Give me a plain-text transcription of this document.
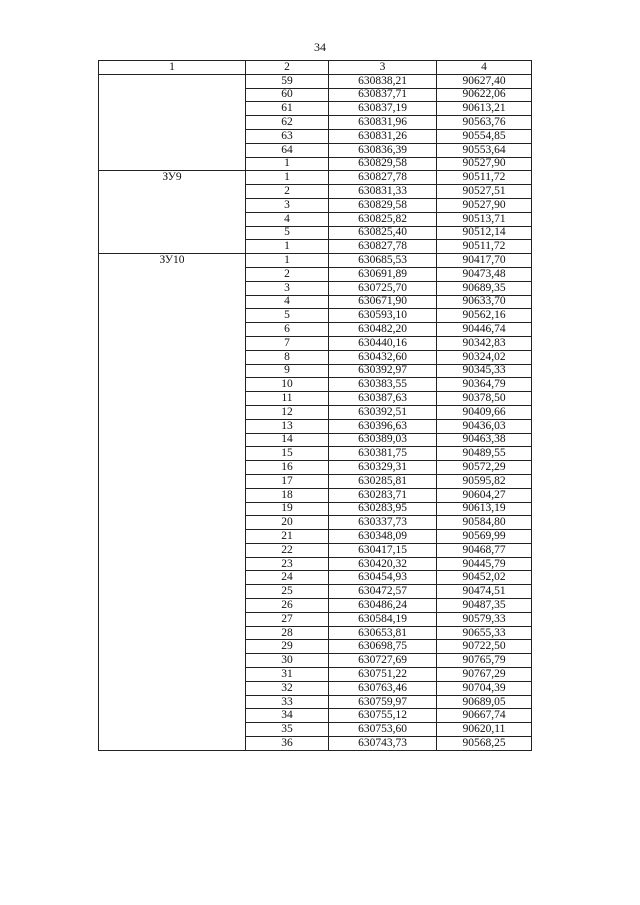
34
1	2	3	4
	59	630838,21	90627,40
	60	630837,71	90622,06
	61	630837,19	90613,21
	62	630831,96	90563,76
	63	630831,26	90554,85
	64	630836,39	90553,64
	1	630829,58	90527,90
ЗУ9	1	630827,78	90511,72
	2	630831,33	90527,51
	3	630829,58	90527,90
	4	630825,82	90513,71
	5	630825,40	90512,14
	1	630827,78	90511,72
ЗУ10	1	630685,53	90417,70
	2	630691,89	90473,48
	3	630725,70	90689,35
	4	630671,90	90633,70
	5	630593,10	90562,16
	6	630482,20	90446,74
	7	630440,16	90342,83
	8	630432,60	90324,02
	9	630392,97	90345,33
	10	630383,55	90364,79
	11	630387,63	90378,50
	12	630392,51	90409,66
	13	630396,63	90436,03
	14	630389,03	90463,38
	15	630381,75	90489,55
	16	630329,31	90572,29
	17	630285,81	90595,82
	18	630283,71	90604,27
	19	630283,95	90613,19
	20	630337,73	90584,80
	21	630348,09	90569,99
	22	630417,15	90468,77
	23	630420,32	90445,79
	24	630454,93	90452,02
	25	630472,57	90474,51
	26	630486,24	90487,35
	27	630584,19	90579,33
	28	630653,81	90655,33
	29	630698,75	90722,50
	30	630727,69	90765,79
	31	630751,22	90767,29
	32	630763,46	90704,39
	33	630759,97	90689,05
	34	630755,12	90667,74
	35	630753,60	90620,11
	36	630743,73	90568,25
